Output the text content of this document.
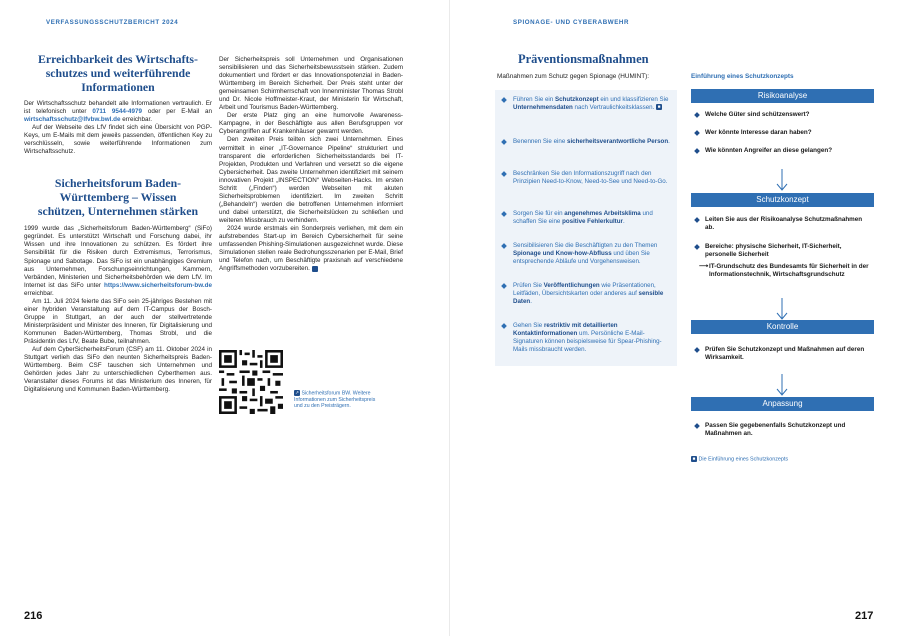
VERFASSUNGSSCHUTZBERICHT 2024
Erreichbarkeit des Wirtschaftsschutzes und weiterführende Informationen

Der Wirtschaftsschutz behandelt alle Informationen vertraulich. Er ist telefonisch unter 0711 9544-4979 oder per E-Mail an wirtschaftsschutz@lfvbw.bwl.de erreichbar.

Auf der Webseite des LfV findet sich eine Übersicht von PGP-Keys, um E-Mails mit dem jeweils passenden, öffentlichen Key zu verschlüsseln, sowie weiterführende Informationen zum Wirtschaftsschutz.

Sicherheitsforum Baden-Württemberg – Wissen schützen, Unternehmen stärken

1999 wurde das „Sicherheitsforum Baden-Württemberg“ (SiFo) gegründet. Es unterstützt Wirtschaft und Forschung dabei, ihr Wissen und ihre Innovationen zu schützen. Es fördert ihre Sensibilität für die Risiken durch Extremismus, Terrorismus, Spionage und Sabotage. Das SiFo ist ein unabhängiges Gremium aus Unternehmen, Forschungseinrichtungen, Kammern, Verbänden, Ministerien und Sicherheitsbehörden wie dem LfV. Im Internet ist das SiFo unter https://www.sicherheitsforum-bw.de erreichbar.

Am 11. Juli 2024 feierte das SiFo sein 25-jähriges Bestehen mit einer hybriden Veranstaltung auf dem IT-Campus der Bosch-Gruppe in Stuttgart, an der auch der stellvertretende Ministerpräsident und Minister des Inneren, für Digitalisierung und Kommunen Baden-Württemberg, Thomas Strobl, und die Präsidentin des LfV, Beate Bube, teilnahmen.

Auf dem CyberSicherheitsForum (CSF) am 11. Oktober 2024 in Stuttgart verlieh das SiFo den neunten Sicherheitspreis Baden-Württemberg. Beim CSF tauschen sich Unternehmen und Gehörden jedes Jahr zu unterschiedlichen Cyberthemen aus. Veranstalter dieses Forums ist das Ministerium des Inneren, für Digitalisierung und Kommunen Baden-Württemberg.

Der Sicherheitspreis soll Unternehmen und Organisationen sensibilisieren und das Sicherheitsbewusstsein stärken. Zudem dokumentiert und fördert er das Innovationspotenzial in Baden-Württemberg im Bereich Sicherheit. Der Preis steht unter der gemeinsamen Schirmherrschaft von Innenminister Thomas Strobl und Dr. Nicole Hoffmeister-Kraut, der Ministerin für Wirtschaft, Arbeit und Tourismus Baden-Württemberg.

Der erste Platz ging an eine humorvolle Awareness-Kampagne, in der Beschäftigte aus allen Berufsgruppen vor Cyberangriffen auf Krankenhäuser gewarnt werden.

Den zweiten Preis teilten sich zwei Unternehmen. Eines vermittelt in einer „IT-Governance Pipeline“ strukturiert und transparent die erforderlichen Sicherheitsstandards bei IT-Projekten, Produkten und Verfahren und versetzt so die eigene Cybersicherheit. Das zweite Unternehmen identifiziert mit seinem innovativen Projekt „INSPECTION“ Webseiten-Hacks. Im ersten Schritt („Finden“) werden Webseiten mit akuten Sicherheitsproblemen identifiziert. Im zweiten Schritt („Behandeln“) werden die betroffenen Unternehmen informiert und dabei unterstützt, die Sicherheitslücken zu schließen und weiteren Missbrauch zu verhindern.

2024 wurde erstmals ein Sonderpreis verliehen, mit dem ein aufstrebendes Start-up im Bereich Cybersicherheit für seine umfassenden Phishing-Simulationen ausgezeichnet wurde. Diese Simulationen stellen reale Bedrohungsszenarien per E-Mail, Brief und Telefon nach, um Beschäftigte praxisnah auf verschiedene Angriffsmethoden vorzubereiten. ■

↗ Sicherheitsforum BW. Weitere Informationen zum Sicherheitspreis und zu den Preisträgern.
216
SPIONAGE- UND CYBERABWEHR
217
Präventionsmaßnahmen
Maßnahmen zum Schutz gegen Spionage (HUMINT):
Führen Sie ein Schutzkonzept ein und klassifizieren Sie Unternehmensdaten nach Vertraulichkeitsklassen. ■
Benennen Sie eine sicherheitsverantwortliche Person.
Beschränken Sie den Informationszugriff nach den Prinzipien Need-to-Know, Need-to-See und Need-to-Go.
Sorgen Sie für ein angenehmes Arbeitsklima und schaffen Sie eine positive Fehlerkultur.
Sensibilisieren Sie die Beschäftigten zu den Themen Spionage und Know-how-Abfluss und üben Sie entsprechende Abläufe und Vorgehensweisen.
Prüfen Sie Veröffentlichungen wie Präsentationen, Leitfäden, Übersichtskarten oder anderes auf sensible Daten.
Gehen Sie restriktiv mit detaillierten Kontaktinformationen um. Persönliche E-Mail-Signaturen können beispielsweise für Spear-Phishing-Mails missbraucht werden.
Einführung eines Schutzkonzepts
Risikoanalyse
Welche Güter sind schützenswert?
Wer könnte Interesse daran haben?
Wie könnten Angreifer an diese gelangen?
Schutzkonzept
Leiten Sie aus der Risikoanalyse Schutzmaßnahmen ab.
Bereiche: physische Sicherheit, IT-Sicherheit, personelle Sicherheit
⟶ IT-Grundschutz des Bundesamts für Sicherheit in der Informationstechnik, Wirtschaftsgrundschutz
Kontrolle
Prüfen Sie Schutzkonzept und Maßnahmen auf deren Wirksamkeit.
Anpassung
Passen Sie gegebenenfalls Schutzkonzept und Maßnahmen an.
■ Die Einführung eines Schutzkonzepts
